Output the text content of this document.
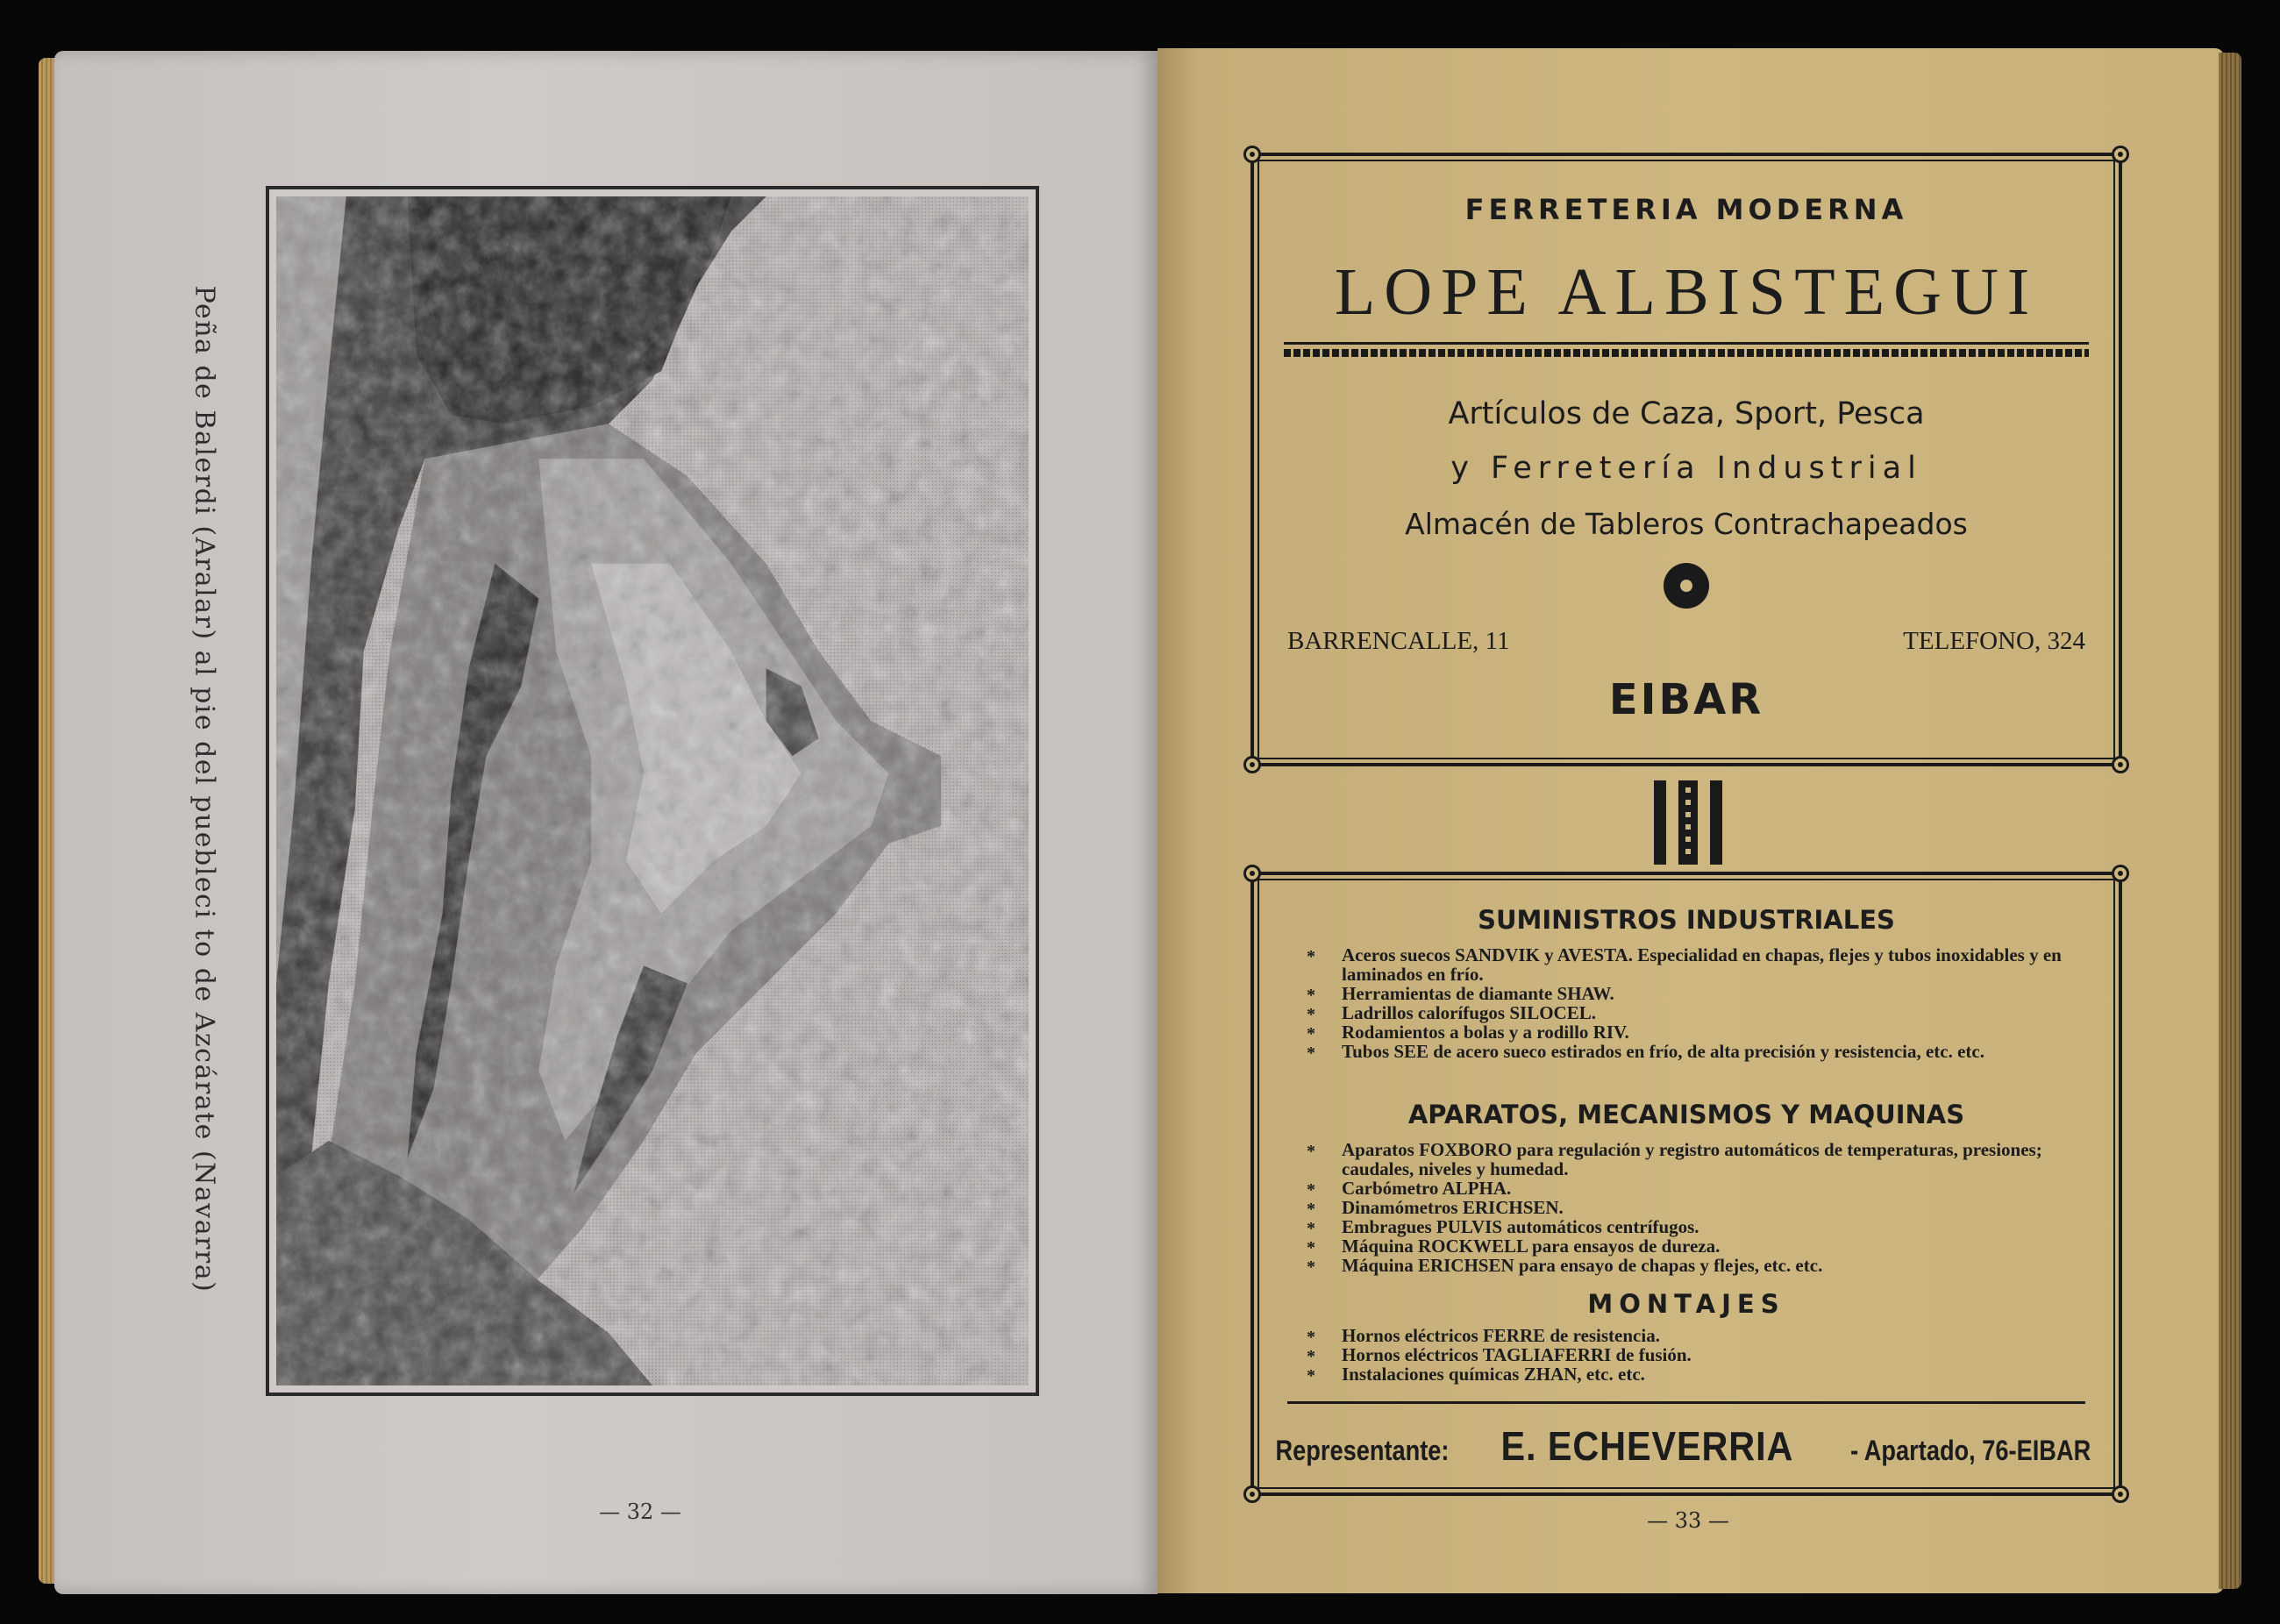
Peña de Balerdi (Aralar) al pie del puebleci to de Azcárate (Navarra)
— 32 —
FERRETERIA MODERNA
LOPE ALBISTEGUI
Artículos de Caza, Sport, Pesca
y Ferretería Industrial
Almacén de Tableros Contrachapeados
BARRENCALLE, 11	TELEFONO, 324
EIBAR
SUMINISTROS INDUSTRIALES
* Aceros suecos SANDVIK y AVESTA. Especialidad en chapas, flejes y tubos inoxidables y en laminados en frío.
* Herramientas de diamante SHAW.
* Ladrillos calorífugos SILOCEL.
* Rodamientos a bolas y a rodillo RIV.
* Tubos SEE de acero sueco estirados en frío, de alta precisión y resistencia, etc. etc.
APARATOS, MECANISMOS Y MAQUINAS
* Aparatos FOXBORO para regulación y registro automáticos de temperaturas, presiones; caudales, niveles y humedad.
* Carbómetro ALPHA.
* Dinamómetros ERICHSEN.
* Embragues PULVIS automáticos centrífugos.
* Máquina ROCKWELL para ensayos de dureza.
* Máquina ERICHSEN para ensayo de chapas y flejes, etc. etc.
MONTAJES
* Hornos eléctricos FERRE de resistencia.
* Hornos eléctricos TAGLIAFERRI de fusión.
* Instalaciones químicas ZHAN, etc. etc.
Representante: E. ECHEVERRIA - Apartado, 76-EIBAR
— 33 —
